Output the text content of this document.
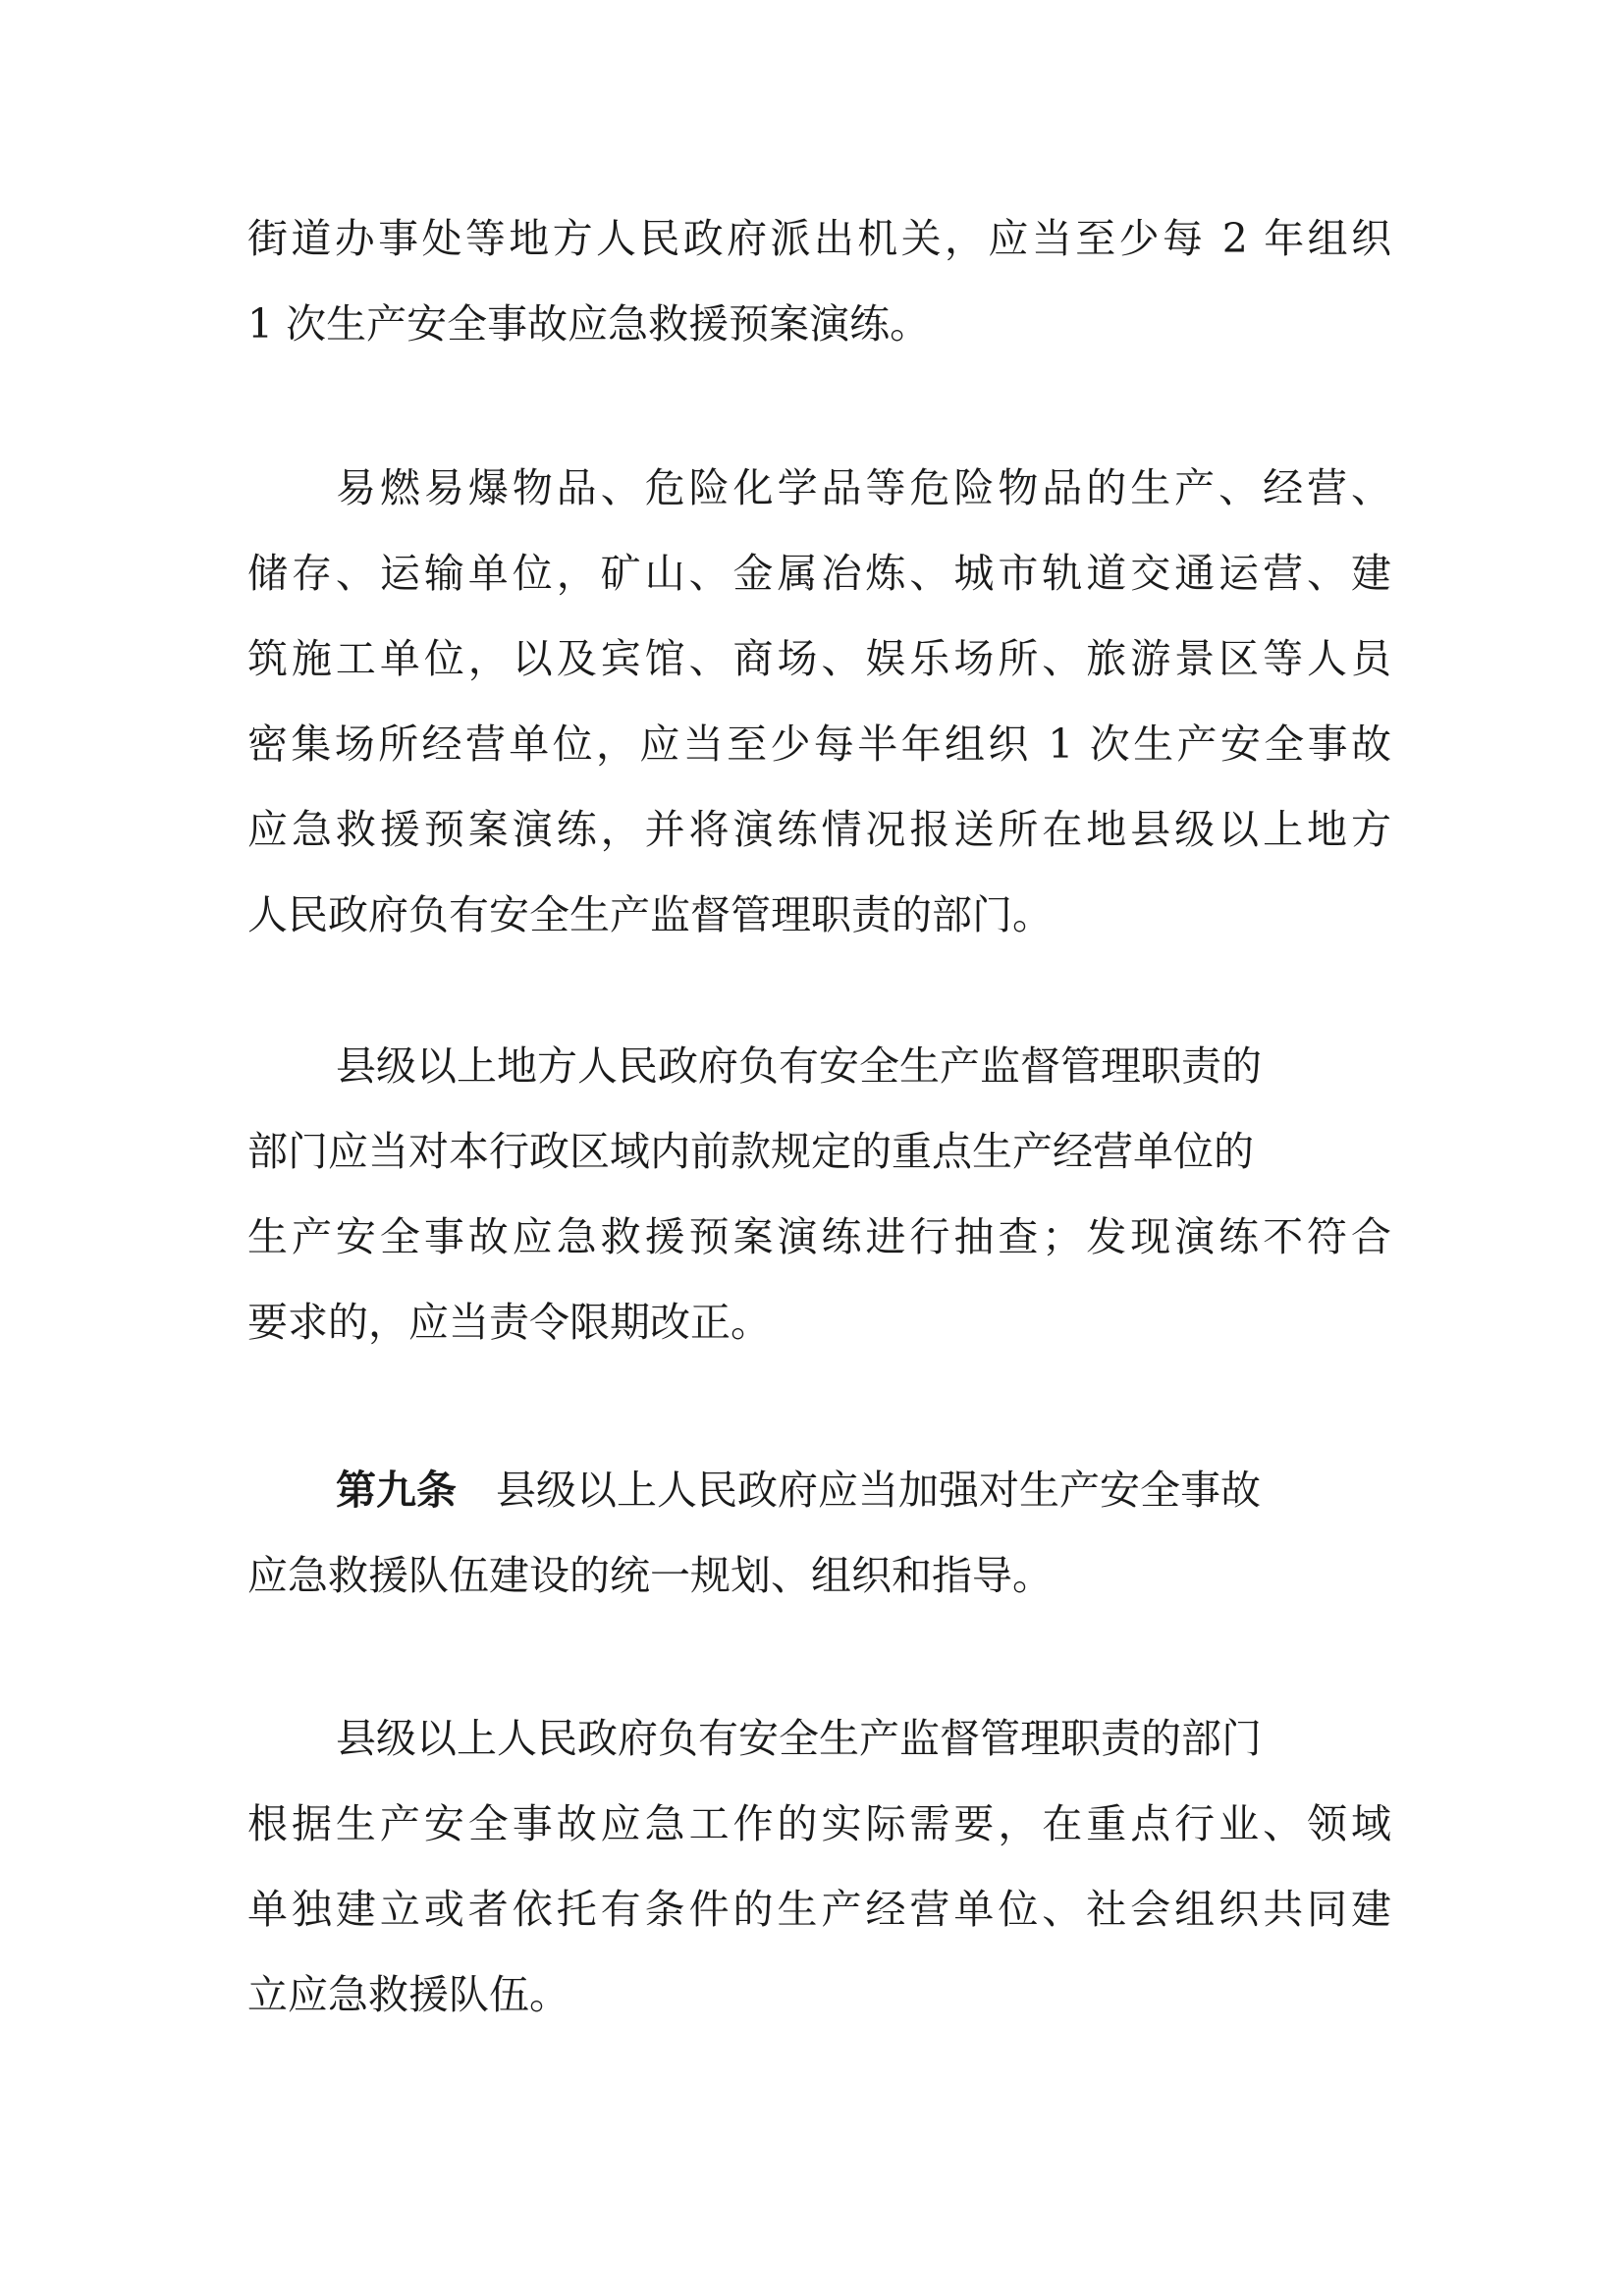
街道办事处等地方人民政府派出机关，应当至少每 2 年组织
1 次生产安全事故应急救援预案演练。

易燃易爆物品、危险化学品等危险物品的生产、经营、
储存、运输单位，矿山、金属冶炼、城市轨道交通运营、建
筑施工单位，以及宾馆、商场、娱乐场所、旅游景区等人员
密集场所经营单位，应当至少每半年组织 1 次生产安全事故
应急救援预案演练，并将演练情况报送所在地县级以上地方
人民政府负有安全生产监督管理职责的部门。

县级以上地方人民政府负有安全生产监督管理职责的
部门应当对本行政区域内前款规定的重点生产经营单位的
生产安全事故应急救援预案演练进行抽查；发现演练不符合
要求的，应当责令限期改正。

第九条 县级以上人民政府应当加强对生产安全事故
应急救援队伍建设的统一规划、组织和指导。

县级以上人民政府负有安全生产监督管理职责的部门
根据生产安全事故应急工作的实际需要，在重点行业、领域
单独建立或者依托有条件的生产经营单位、社会组织共同建
立应急救援队伍。
